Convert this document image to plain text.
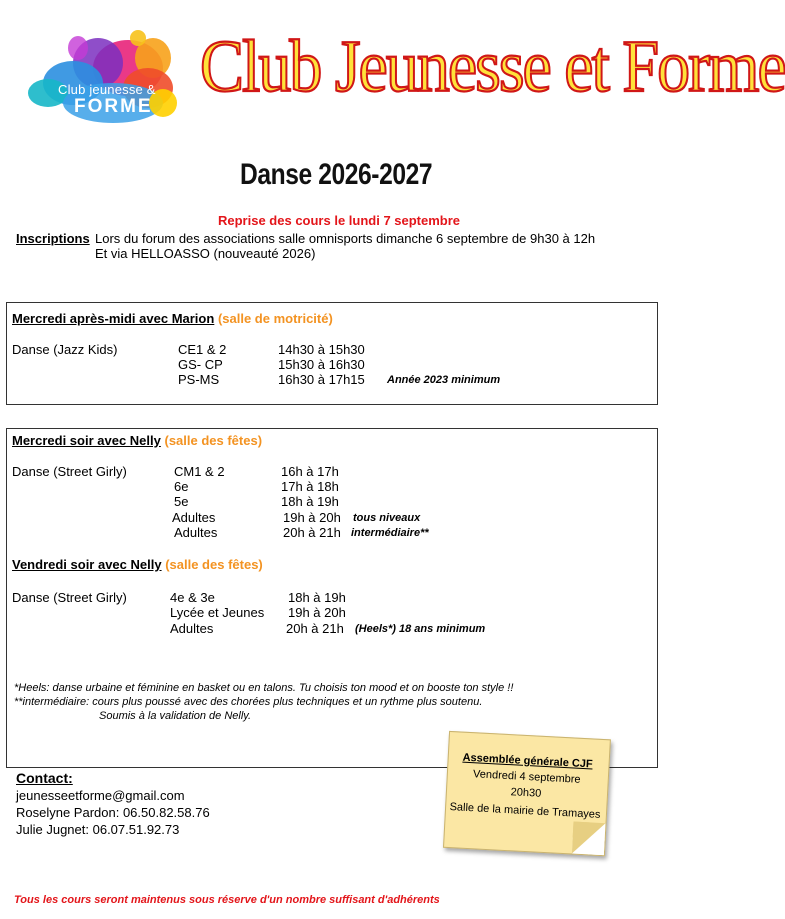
Club jeunesse &
FORME Club Jeunesse et Forme
Danse 2026-2027
Reprise des cours le lundi 7 septembre
Inscriptions Lors du forum des associations salle omnisports dimanche 6 septembre de 9h30 à 12h
Et via HELLOASSO (nouveauté 2026)
Mercredi après-midi avec Marion (salle de motricité)
Danse (Jazz Kids)	CE1 & 2	14h30 à 15h30
GS- CP	15h30 à 16h30
PS-MS	16h30 à 17h15 Année 2023 minimum
Mercredi soir avec Nelly (salle des fêtes)
Danse (Street Girly)	CM1 & 2	16h à 17h
6e	17h à 18h
5e	18h à 19h
Adultes	19h à 20h tous niveaux
Adultes	20h à 21h intermédiaire**
Vendredi soir avec Nelly (salle des fêtes)
Danse (Street Girly)	4e & 3e	18h à 19h
Lycée et Jeunes 19h à 20h
Adultes	20h à 21h (Heels*) 18 ans minimum
*Heels: danse urbaine et féminine en basket ou en talons. Tu choisis ton mood et on booste ton style !!
**intermédiaire: cours plus poussé avec des chorées plus techniques et un rythme plus soutenu.
Soumis à la validation de Nelly.
Contact:
jeunesseetforme@gmail.com
Roselyne Pardon: 06.50.82.58.76
Julie Jugnet: 06.07.51.92.73
Assemblée générale CJF
Vendredi 4 septembre
20h30
Salle de la mairie de Tramayes
Tous les cours seront maintenus sous réserve d'un nombre suffisant d'adhérents
